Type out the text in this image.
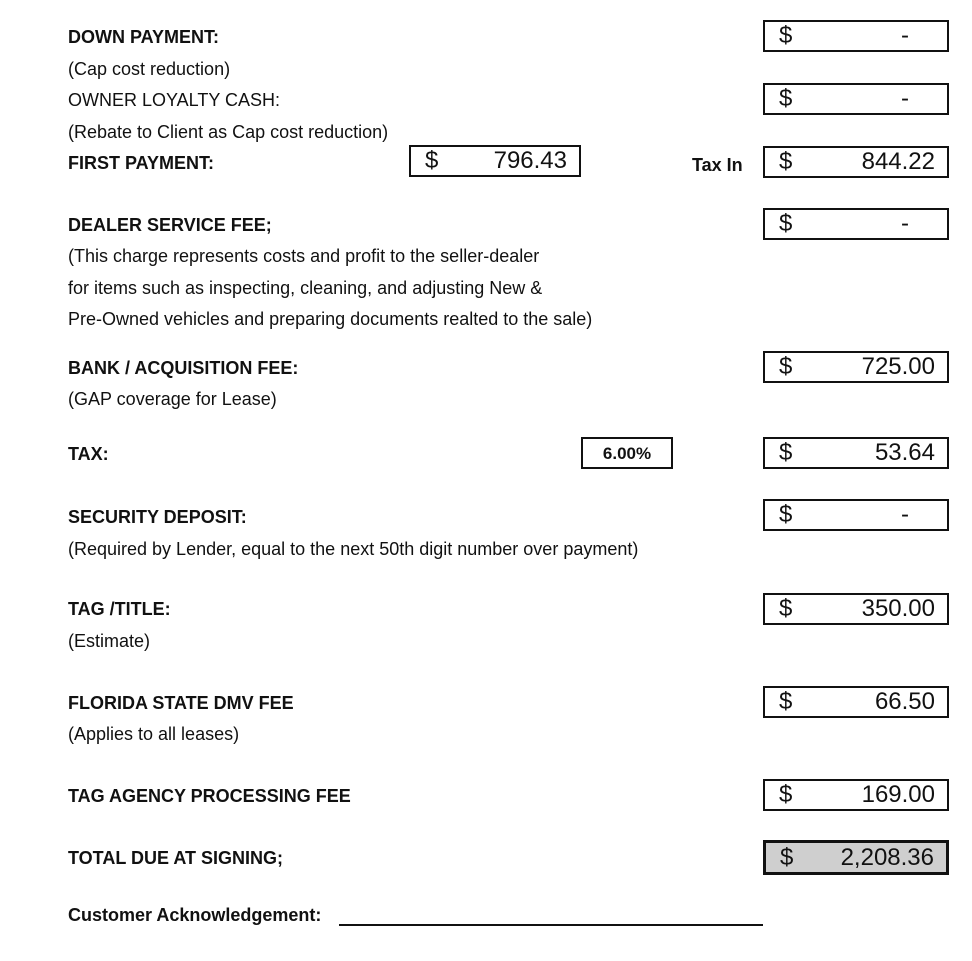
DOWN PAYMENT:
(Cap cost reduction)
$	-
OWNER LOYALTY CASH:
(Rebate to Client as Cap cost reduction)
$	-
FIRST PAYMENT:	$ 796.43	Tax In $	844.22
DEALER SERVICE FEE;
(This charge represents costs and profit to the seller-dealer
for items such as inspecting, cleaning, and adjusting New &
Pre-Owned vehicles and preparing documents realted to the sale)
$	-
BANK / ACQUISITION FEE:
(GAP coverage for Lease)
$	725.00
TAX:	6.00%	$	53.64
SECURITY DEPOSIT:
(Required by Lender, equal to the next 50th digit number over payment)
$	-
TAG /TITLE:
(Estimate)
$	350.00
FLORIDA STATE DMV FEE
(Applies to all leases)
$	66.50
TAG AGENCY PROCESSING FEE	$	169.00
TOTAL DUE AT SIGNING;	$ 2,208.36
Customer Acknowledgement:
